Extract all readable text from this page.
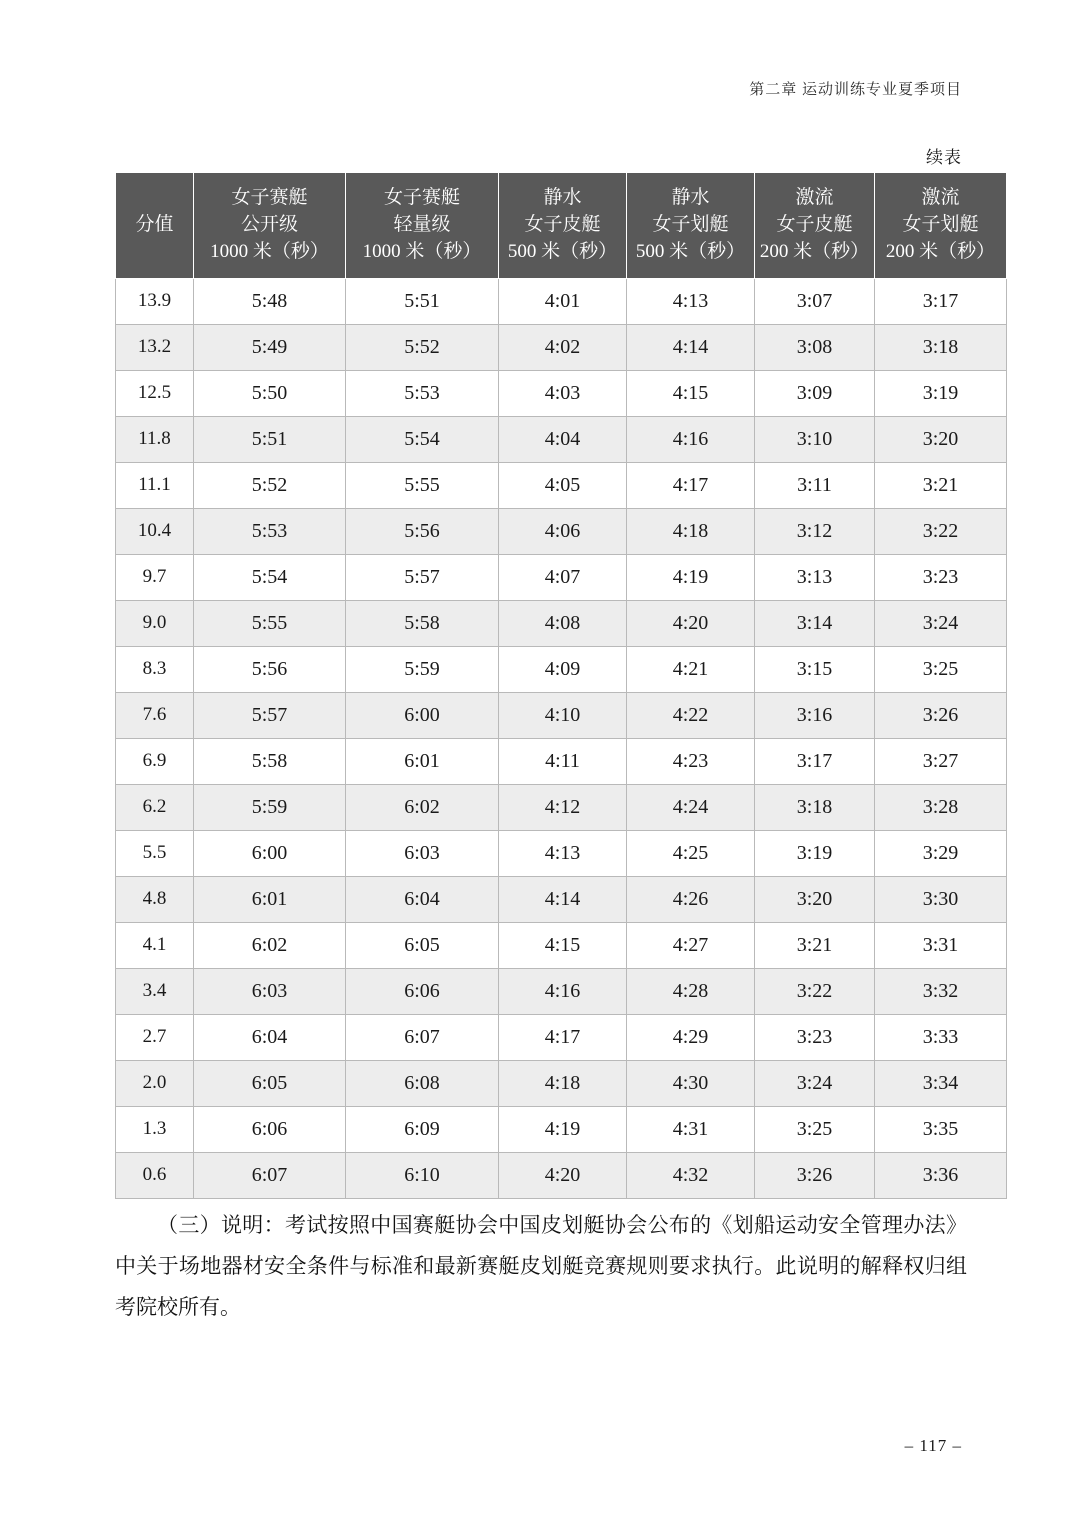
第二章 运动训练专业夏季项目
续表
分值	女子赛艇
公开级
1000 米（秒）	女子赛艇
轻量级
1000 米（秒）	静水
女子皮艇
500 米（秒）	静水
女子划艇
500 米（秒）	激流
女子皮艇
200 米（秒）	激流
女子划艇
200 米（秒）

13.9	5:48	5:51	4:01	4:13	3:07	3:17
13.2	5:49	5:52	4:02	4:14	3:08	3:18
12.5	5:50	5:53	4:03	4:15	3:09	3:19
11.8	5:51	5:54	4:04	4:16	3:10	3:20
11.1	5:52	5:55	4:05	4:17	3:11	3:21
10.4	5:53	5:56	4:06	4:18	3:12	3:22
9.7	5:54	5:57	4:07	4:19	3:13	3:23
9.0	5:55	5:58	4:08	4:20	3:14	3:24
8.3	5:56	5:59	4:09	4:21	3:15	3:25
7.6	5:57	6:00	4:10	4:22	3:16	3:26
6.9	5:58	6:01	4:11	4:23	3:17	3:27
6.2	5:59	6:02	4:12	4:24	3:18	3:28
5.5	6:00	6:03	4:13	4:25	3:19	3:29
4.8	6:01	6:04	4:14	4:26	3:20	3:30
4.1	6:02	6:05	4:15	4:27	3:21	3:31
3.4	6:03	6:06	4:16	4:28	3:22	3:32
2.7	6:04	6:07	4:17	4:29	3:23	3:33
2.0	6:05	6:08	4:18	4:30	3:24	3:34
1.3	6:06	6:09	4:19	4:31	3:25	3:35
0.6	6:07	6:10	4:20	4:32	3:26	3:36
（三）说明：考试按照中国赛艇协会中国皮划艇协会公布的《划船运动安全管理办法》中关于场地器材安全条件与标准和最新赛艇皮划艇竞赛规则要求执行。此说明的解释权归组考院校所有。
– 117 –
